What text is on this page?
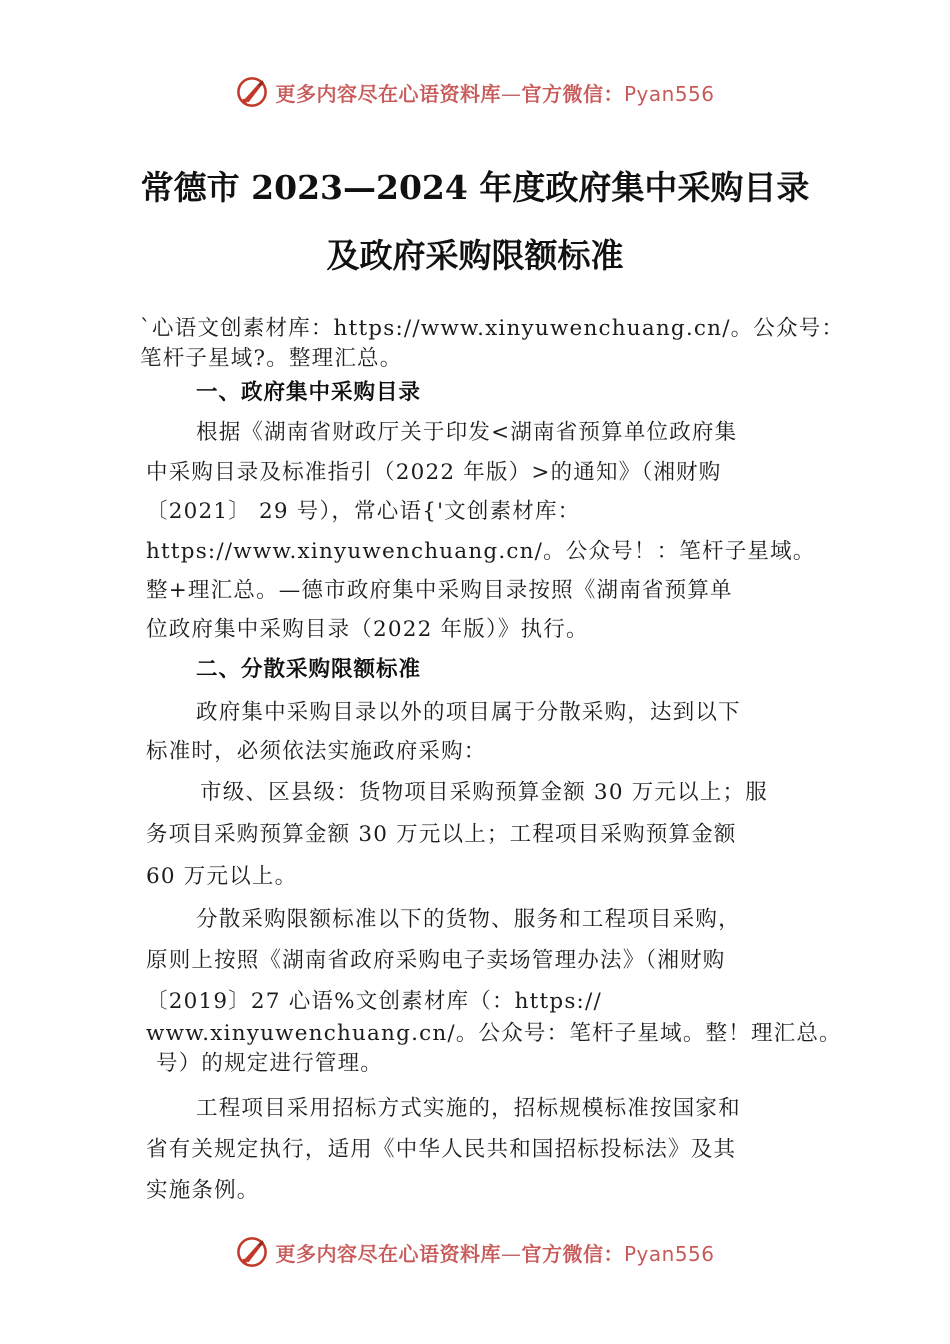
更多内容尽在心语资料库—官方微信：Pyan556
常德市 2023—2024 年度政府集中采购目录
及政府采购限额标准
`心语文创素材库：https://www.xinyuwenchuang.cn/。公众号：
笔杆子星域?。整理汇总。
一、政府集中采购目录
根据《湖南省财政厅关于印发<湖南省预算单位政府集
中采购目录及标准指引（2022 年版）>的通知》（湘财购
〔2021〕 29 号），常心语{'文创素材库：
https://www.xinyuwenchuang.cn/。公众号！：笔杆子星域。
整+理汇总。—德市政府集中采购目录按照《湖南省预算单
位政府集中采购目录（2022 年版）》执行。
二、分散采购限额标准
政府集中采购目录以外的项目属于分散采购，达到以下
标准时，必须依法实施政府采购：
市级、区县级：货物项目采购预算金额 30 万元以上；服
务项目采购预算金额 30 万元以上；工程项目采购预算金额
60 万元以上。
分散采购限额标准以下的货物、服务和工程项目采购，
原则上按照《湖南省政府采购电子卖场管理办法》（湘财购
〔2019〕27 心语%文创素材库（：https://
www.xinyuwenchuang.cn/。公众号：笔杆子星域。整！理汇总。
号）的规定进行管理。
工程项目采用招标方式实施的，招标规模标准按国家和
省有关规定执行，适用《中华人民共和国招标投标法》及其
实施条例。
更多内容尽在心语资料库—官方微信：Pyan556
